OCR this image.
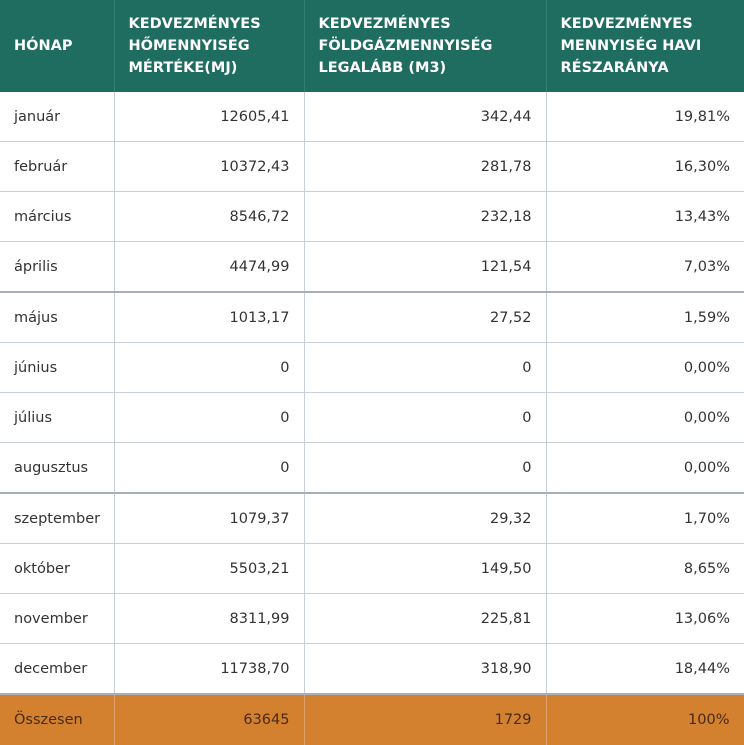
HÓNAP	KEDVEZMÉNYES HŐMENNYISÉG MÉRTÉKE(MJ)	KEDVEZMÉNYES FÖLDGÁZMENNYISÉG LEGALÁBB (M3)	KEDVEZMÉNYES MENNYISÉG HAVI RÉSZARÁNYA
január	12605,41	342,44	19,81%
február	10372,43	281,78	16,30%
március	8546,72	232,18	13,43%
április	4474,99	121,54	7,03%
május	1013,17	27,52	1,59%
június	0	0	0,00%
július	0	0	0,00%
augusztus	0	0	0,00%
szeptember	1079,37	29,32	1,70%
október	5503,21	149,50	8,65%
november	8311,99	225,81	13,06%
december	11738,70	318,90	18,44%
Összesen	63645	1729	100%
